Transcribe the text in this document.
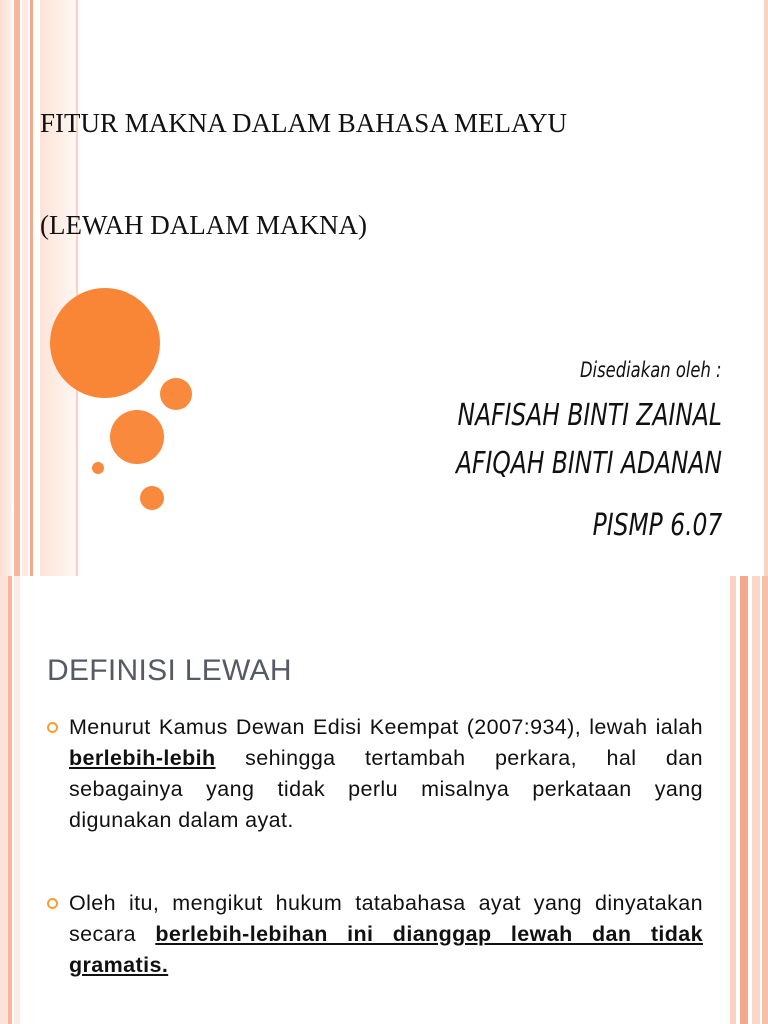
FITUR MAKNA DALAM BAHASA MELAYU
(LEWAH DALAM MAKNA)
Disediakan oleh :
NAFISAH BINTI ZAINAL
AFIQAH BINTI ADANAN
PISMP 6.07
DEFINISI LEWAH
Menurut Kamus Dewan Edisi Keempat (2007:934), lewah ialah berlebih-lebih sehingga tertambah perkara, hal dan sebagainya yang tidak perlu misalnya perkataan yang digunakan dalam ayat.
Oleh itu, mengikut hukum tatabahasa ayat yang dinyatakan secara berlebih-lebihan ini dianggap lewah dan tidak gramatis.
